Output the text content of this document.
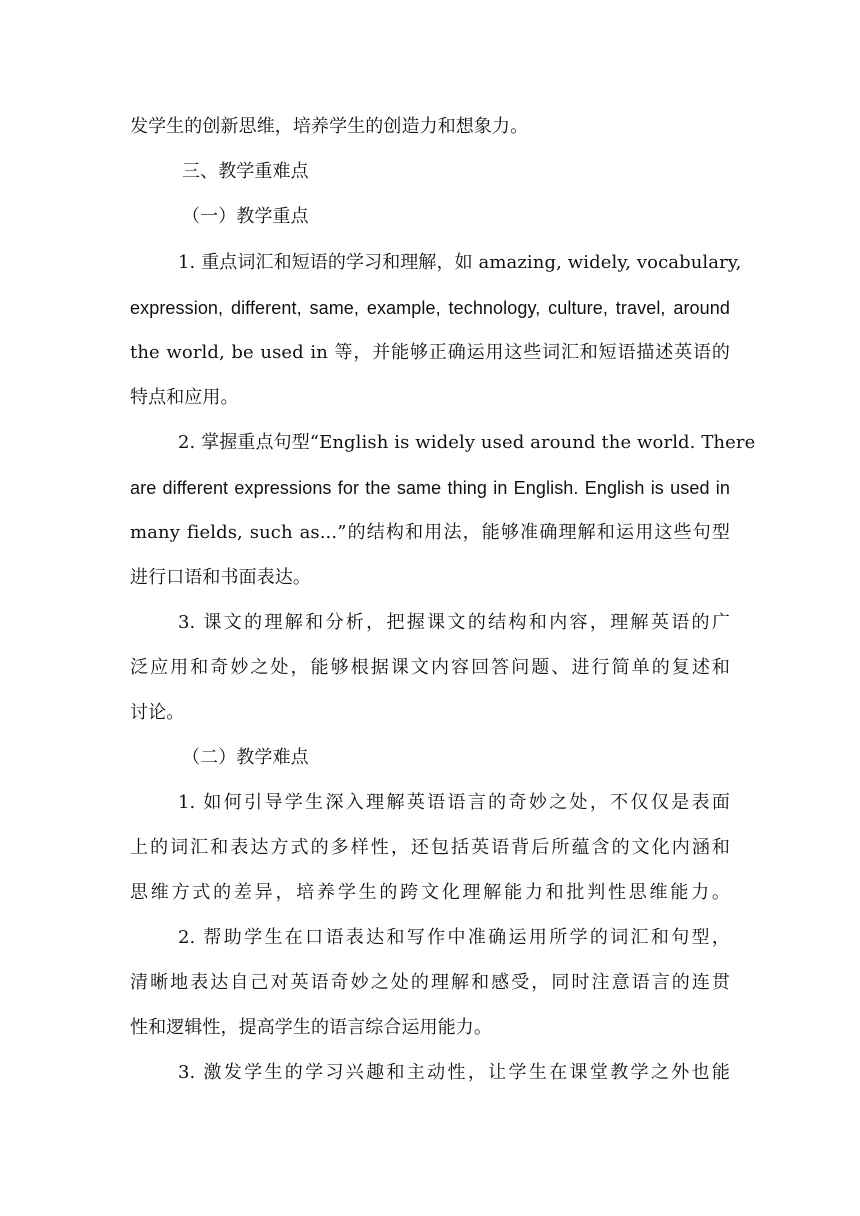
发学生的创新思维，培养学生的创造力和想象力。
三、教学重难点
（一）教学重点
1. 重点词汇和短语的学习和理解，如 amazing, widely, vocabulary,
expression, different, same, example, technology, culture, travel, around
the world, be used in 等，并能够正确运用这些词汇和短语描述英语的
特点和应用。
2. 掌握重点句型“English is widely used around the world. There
are different expressions for the same thing in English. English is used in
many fields, such as...”的结构和用法，能够准确理解和运用这些句型
进行口语和书面表达。
3. 课文的理解和分析，把握课文的结构和内容，理解英语的广
泛应用和奇妙之处，能够根据课文内容回答问题、进行简单的复述和
讨论。
（二）教学难点
1. 如何引导学生深入理解英语语言的奇妙之处，不仅仅是表面
上的词汇和表达方式的多样性，还包括英语背后所蕴含的文化内涵和
思维方式的差异，培养学生的跨文化理解能力和批判性思维能力。
2. 帮助学生在口语表达和写作中准确运用所学的词汇和句型，
清晰地表达自己对英语奇妙之处的理解和感受，同时注意语言的连贯
性和逻辑性，提高学生的语言综合运用能力。
3. 激发学生的学习兴趣和主动性，让学生在课堂教学之外也能
